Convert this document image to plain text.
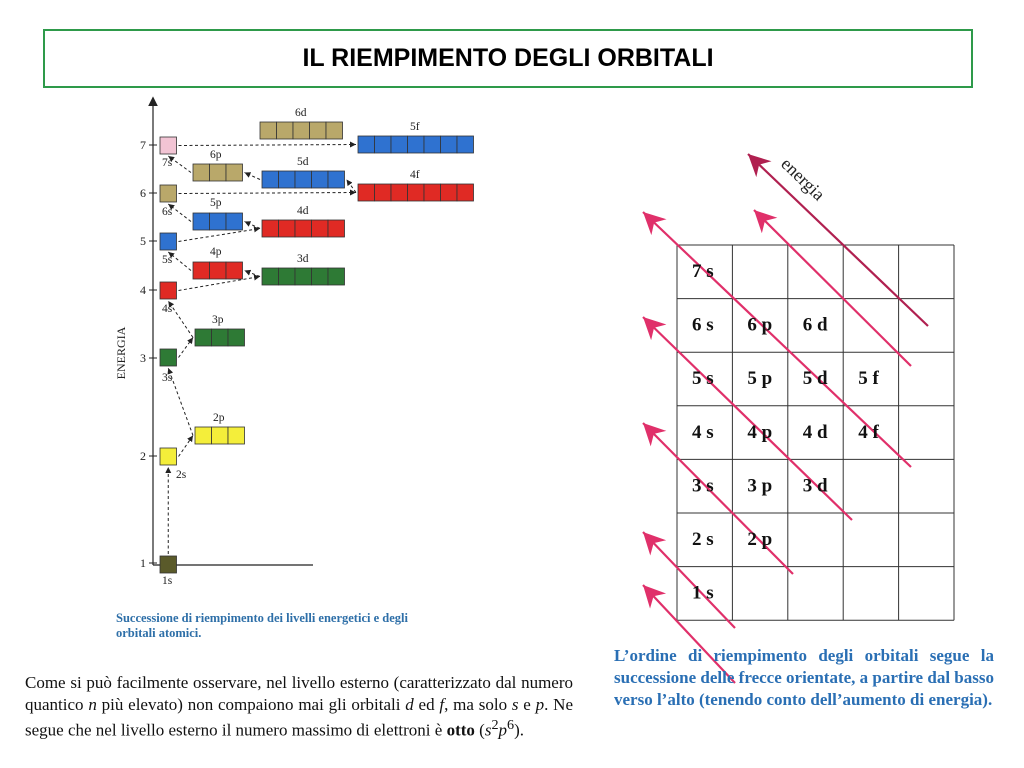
IL RIEMPIMENTO DEGLI ORBITALI
ENERGIA
1
2
3
4
5
6
7
1s
2s
2p
3s
3p
4s
3d
4p
5s
4d
5p
6s
4f
5d
6p
7s
5f
6d
Successione di riempimento dei livelli energetici e degli orbitali atomici.
Come si può facilmente osservare, nel livello esterno (caratterizzato dal numero quantico n più elevato) non compaiono mai gli orbitali d ed f, ma solo s e p. Ne segue che nel livello esterno il numero massimo di elettroni è otto $(s^2p^6)$.
7 s
6 s 6 p 6 d
5 s 5 p 5 d 5 f
4 s 4 p 4 d 4 f
3 s 3 p 3 d
2 s 2 p
1 s
energia
L’ordine di riempimento degli orbitali segue la successione delle frecce orientate, a partire dal basso verso l’alto (tenendo conto dell’aumento di energia).
